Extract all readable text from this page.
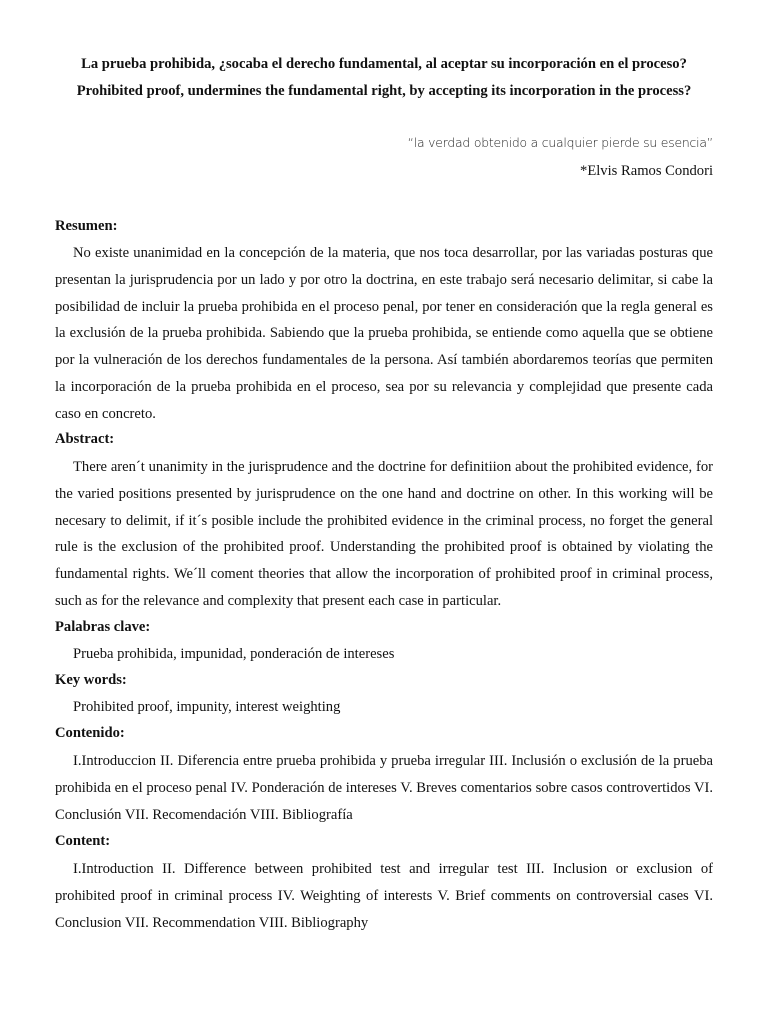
La prueba prohibida, ¿socaba el derecho fundamental, al aceptar su incorporación en el proceso?
Prohibited proof, undermines the fundamental right, by accepting its incorporation in the process?
“la verdad obtenido a cualquier pierde su esencia”
*Elvis Ramos Condori
Resumen:
No existe unanimidad en la concepción de la materia, que nos toca desarrollar, por las variadas posturas que presentan la jurisprudencia por un lado y por otro la doctrina, en este trabajo será necesario delimitar, si cabe la posibilidad de incluir la prueba prohibida en el proceso penal, por tener en consideración que la regla general es la exclusión de la prueba prohibida. Sabiendo que la prueba prohibida, se entiende como aquella que se obtiene por la vulneración de los derechos fundamentales de la persona. Así también abordaremos teorías que permiten la incorporación de la prueba prohibida en el proceso, sea por su relevancia y complejidad que presente cada caso en concreto.
Abstract:
There aren´t unanimity in the jurisprudence and the doctrine for definitiion about the prohibited evidence, for the varied positions presented by jurisprudence on the one hand and doctrine on other. In this working will be necesary to delimit, if it´s posible include the prohibited evidence in the criminal process, no forget the general rule is the exclusion of the prohibited proof. Understanding the prohibited proof is obtained by violating the fundamental rights. We´ll coment theories that allow the incorporation of prohibited proof in criminal process, such as for the relevance and complexity that present each case in particular.
Palabras clave:
Prueba prohibida, impunidad, ponderación de intereses
Key words:
Prohibited proof, impunity, interest weighting
Contenido:
I.Introduccion II. Diferencia entre prueba prohibida y prueba irregular III. Inclusión o exclusión de la prueba prohibida en el proceso penal IV. Ponderación de intereses V. Breves comentarios sobre casos controvertidos VI. Conclusión VII. Recomendación VIII. Bibliografía
Content:
I.Introduction II. Difference between prohibited test and irregular test III. Inclusion or exclusion of prohibited proof in criminal process IV. Weighting of interests V. Brief comments on controversial cases VI. Conclusion VII. Recommendation VIII. Bibliography
